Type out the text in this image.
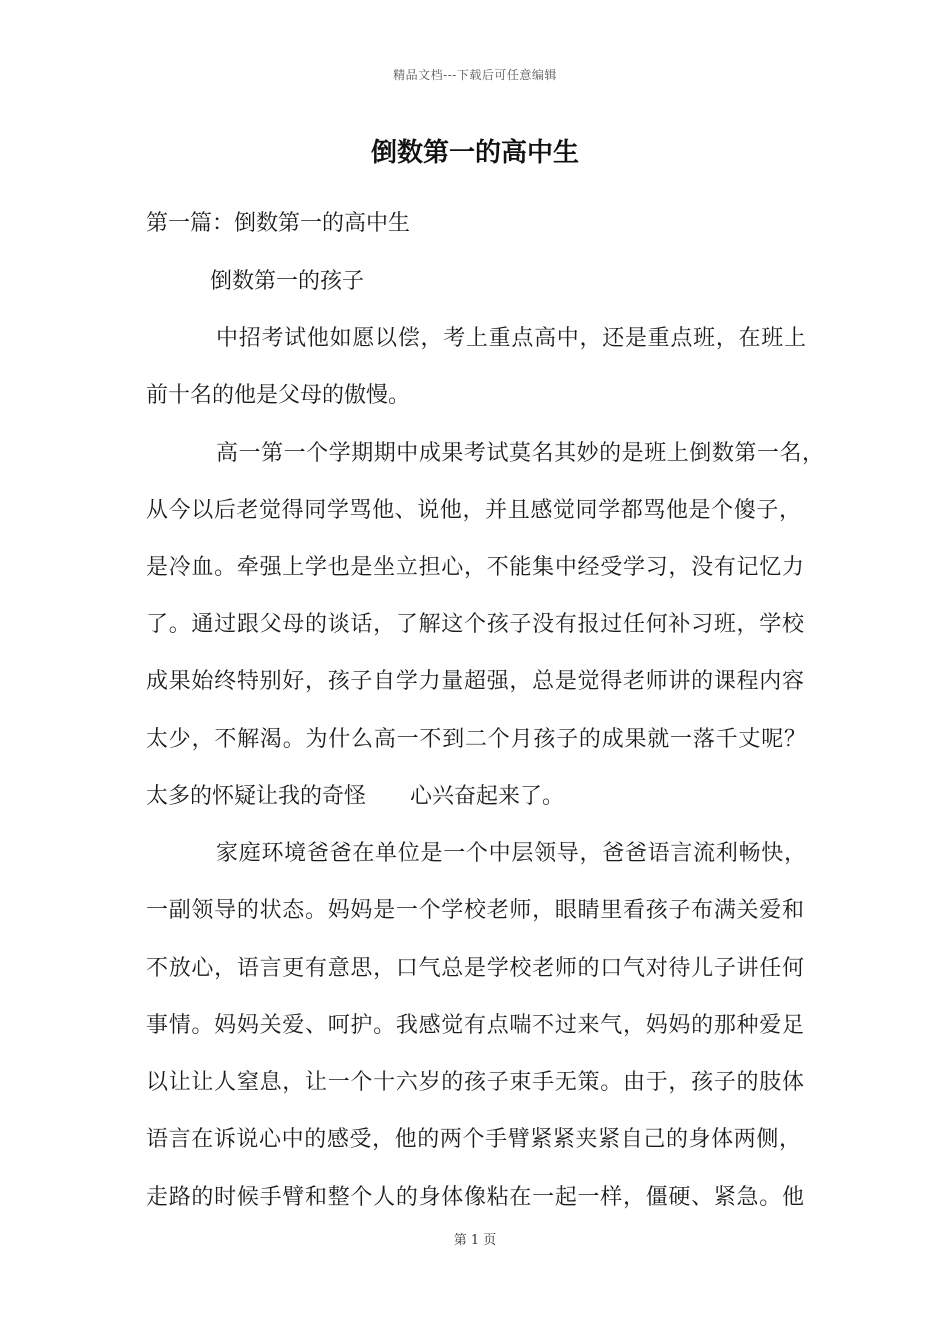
精品文档---下载后可任意编辑
倒数第一的高中生
第一篇：倒数第一的高中生
倒数第一的孩子
中招考试他如愿以偿，考上重点高中，还是重点班，在班上
前十名的他是父母的傲慢。
高一第一个学期期中成果考试莫名其妙的是班上倒数第一名，
从今以后老觉得同学骂他、说他，并且感觉同学都骂他是个傻子，
是冷血。牵强上学也是坐立担心，不能集中经受学习，没有记忆力
了。通过跟父母的谈话，了解这个孩子没有报过任何补习班，学校
成果始终特别好，孩子自学力量超强，总是觉得老师讲的课程内容
太少，不解渴。为什么高一不到二个月孩子的成果就一落千丈呢？
太多的怀疑让我的奇怪　　心兴奋起来了。
家庭环境爸爸在单位是一个中层领导，爸爸语言流利畅快，
一副领导的状态。妈妈是一个学校老师，眼睛里看孩子布满关爱和
不放心，语言更有意思，口气总是学校老师的口气对待儿子讲任何
事情。妈妈关爱、呵护。我感觉有点喘不过来气，妈妈的那种爱足
以让让人窒息，让一个十六岁的孩子束手无策。由于，孩子的肢体
语言在诉说心中的感受，他的两个手臂紧紧夹紧自己的身体两侧，
走路的时候手臂和整个人的身体像粘在一起一样，僵硬、紧急。他
第 1 页
